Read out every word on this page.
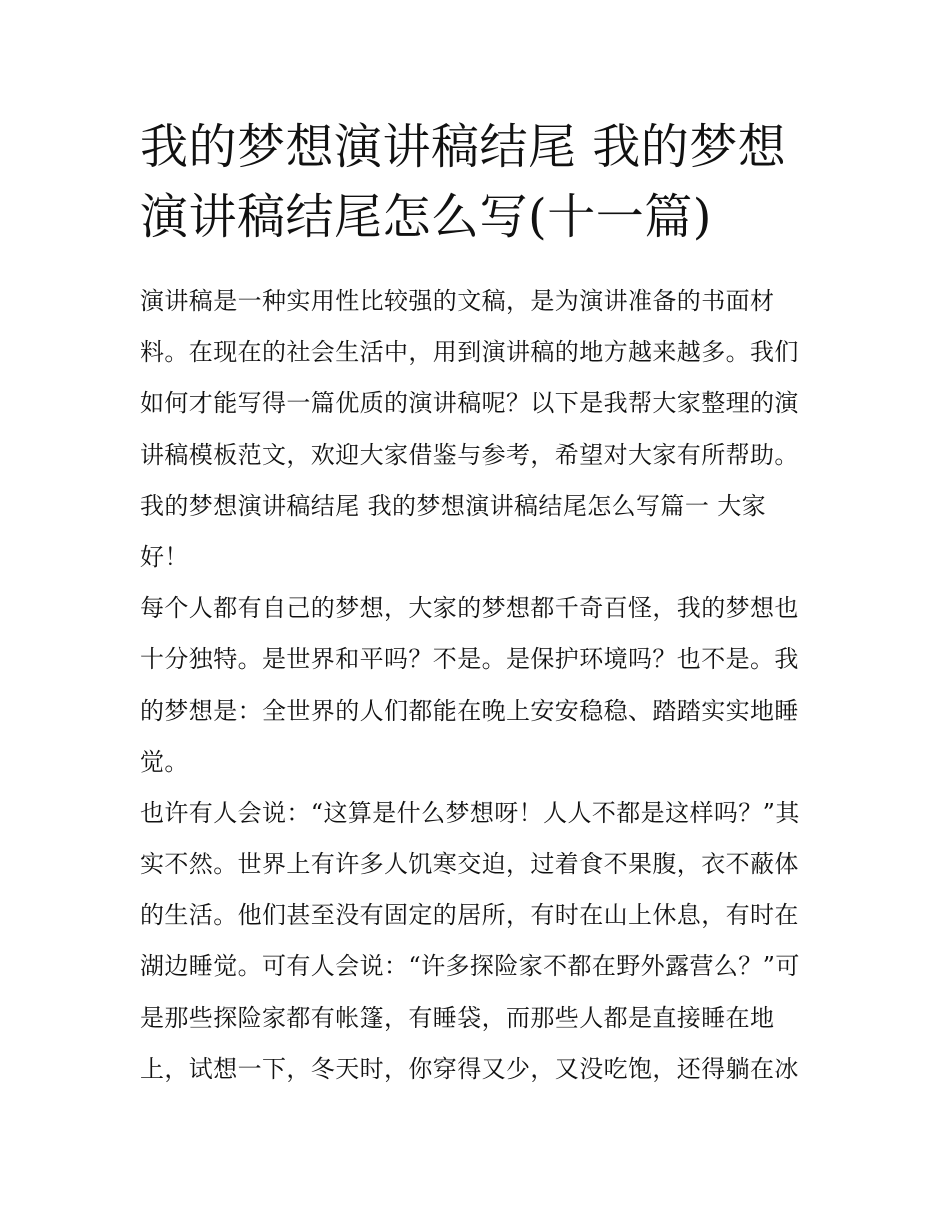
我的梦想演讲稿结尾 我的梦想
演讲稿结尾怎么写(十一篇)
演讲稿是一种实用性比较强的文稿，是为演讲准备的书面材
料。在现在的社会生活中，用到演讲稿的地方越来越多。我们
如何才能写得一篇优质的演讲稿呢？以下是我帮大家整理的演
讲稿模板范文，欢迎大家借鉴与参考，希望对大家有所帮助。
我的梦想演讲稿结尾 我的梦想演讲稿结尾怎么写篇一 大家
好！
每个人都有自己的梦想，大家的梦想都千奇百怪，我的梦想也
十分独特。是世界和平吗？不是。是保护环境吗？也不是。我
的梦想是：全世界的人们都能在晚上安安稳稳、踏踏实实地睡
觉。
也许有人会说：“这算是什么梦想呀！人人不都是这样吗？”其
实不然。世界上有许多人饥寒交迫，过着食不果腹，衣不蔽体
的生活。他们甚至没有固定的居所，有时在山上休息，有时在
湖边睡觉。可有人会说：“许多探险家不都在野外露营么？”可
是那些探险家都有帐篷，有睡袋，而那些人都是直接睡在地
上，试想一下，冬天时，你穿得又少，又没吃饱，还得躺在冰
